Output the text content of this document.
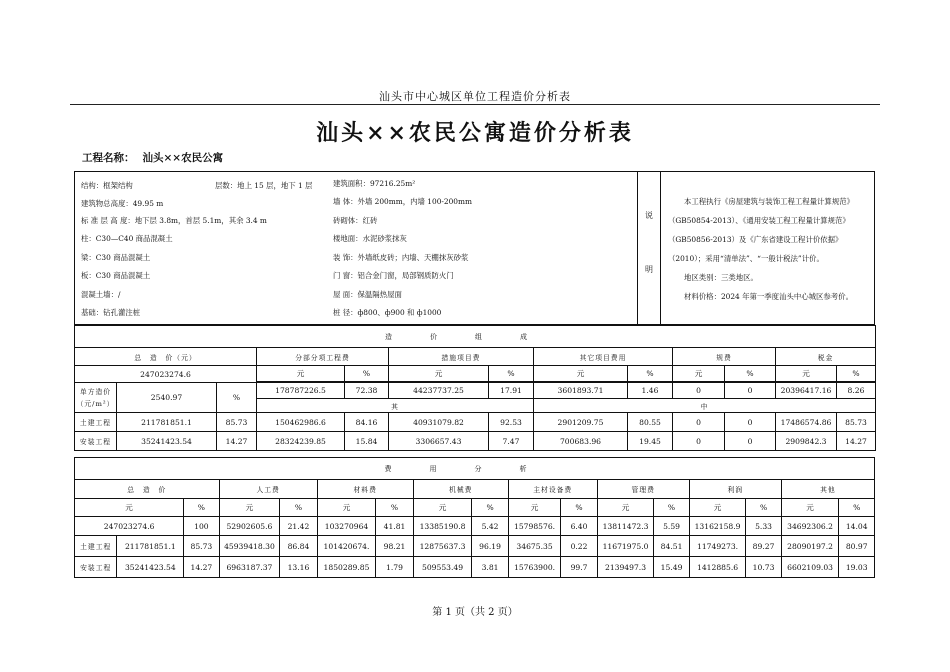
汕头市中心城区单位工程造价分析表
汕头××农民公寓造价分析表
工程名称： 汕头××农民公寓
结构：框架结构	层数：地上 15 层，地下 1 层	建筑面积：97216.25m²
建筑物总高度：49.95 m
标 准 层 高 度：地下层 3.8m，首层 5.1m，其余 3.4 m
柱：C30—C40 商品混凝土
梁：C30 商品混凝土
板：C30 商品混凝土
混凝土墙：/
基础：钻孔灌注桩
墙 体：外墙 200mm，内墙 100-200mm
砖砌体：红砖
楼地面：水泥砂浆抹灰
装 饰：外墙纸皮砖；内墙、天棚抹灰砂浆
门 窗：铝合金门窗，局部钢质防火门
屋 面：保温隔热屋面
桩 径：ф800、ф900 和 ф1000
说
明

本工程执行《房屋建筑与装饰工程工程量计算规范》（GB50854-2013）、《通用安装工程工程量计算规范》（GB50856-2013）及《广东省建设工程计价依据》（2010）；采用“清单法”、“一般计税法”计价。

地区类别：三类地区。

材料价格：2024 年第一季度汕头中心城区参考价。

造价组成												
总　造　价（元）			分部分项工程费		措施项目费		其它项目费用		规费		税金	
247023274.6			元	%	元	%	元	%	元	%	元	%

单方造价（元/m²）	2540.97	%	178787226.5	72.38	44237737.25	17.91	3601893.71	1.46	0	0	20396417.16	8.26
			其				中					
土建工程	211781851.1	85.73	150462986.6	84.16	40931079.82	92.53	2901209.75	80.55	0	0	17486574.86	85.73
安装工程	35241423.54	14.27	28324239.85	15.84	3306657.43	7.47	700683.96	19.45	0	0	2909842.3	14.27
费用分析																
总　造　价			人工费		材料费		机械费		主材设备费		管理费		利润		其他	
元		%	元	%	元	%	元	%	元	%	元	%	元	%	元	%
247023274.6		100	52902605.6	21.42	103270964	41.81	13385190.8	5.42	15798576.	6.40	13811472.3	5.59	13162158.9	5.33	34692306.2	14.04
土建工程	211781851.1	85.73	45939418.30	86.84	101420674.	98.21	12875637.3	96.19	34675.35	0.22	11671975.0	84.51	11749273.	89.27	28090197.2	80.97
安装工程	35241423.54	14.27	6963187.37	13.16	1850289.85	1.79	509553.49	3.81	15763900.	99.7	2139497.3	15.49	1412885.6	10.73	6602109.03	19.03
第 1 页（共 2 页）
